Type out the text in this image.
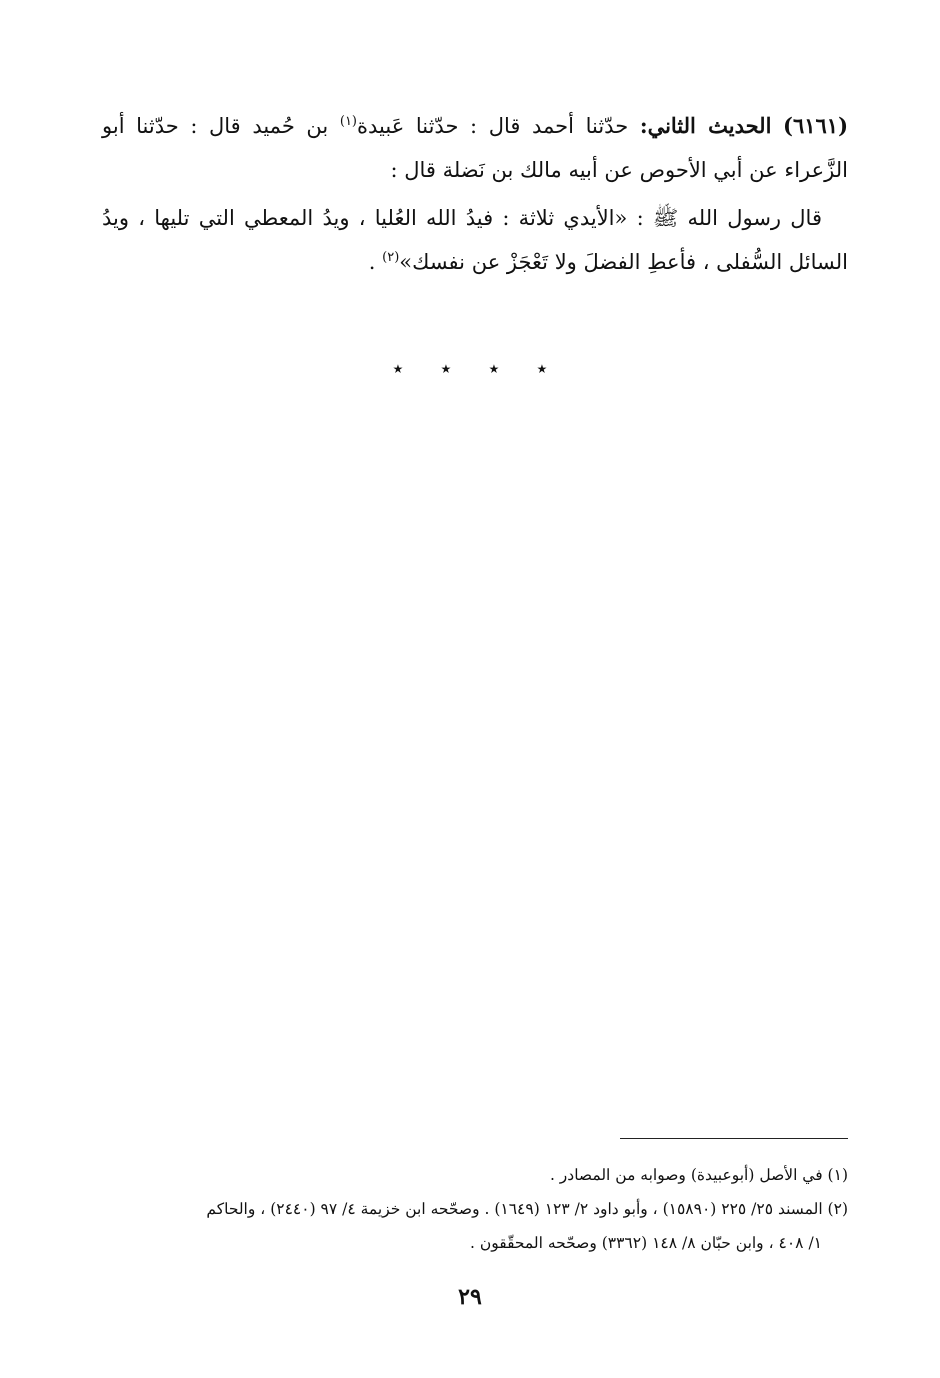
(٦١٦١) الحديث الثاني: حدّثنا أحمد قال : حدّثنا عَبيدة$^{(١)}$ بن حُميد قال : حدّثنا أبو الزَّعراء عن أبي الأحوص عن أبيه مالك بن نَضلة قال :

قال رسول الله ﷺ : «الأيدي ثلاثة : فيدُ الله العُليا ، ويدُ المعطي التي تليها ، ويدُ السائل السُّفلى ، فأعطِ الفضلَ ولا تَعْجَزْ عن نفسك»$^{(٢)}$ .

٭ ٭ ٭ ٭

(١) في الأصل (أبوعبيدة) وصوابه من المصادر .

(٢) المسند ٢٥/ ٢٢٥ (١٥٨٩٠) ، وأبو داود ٢/ ١٢٣ (١٦٤٩) . وصحّحه ابن خزيمة ٤/ ٩٧ (٢٤٤٠) ، والحاكم

١/ ٤٠٨ ، وابن حبّان ٨/ ١٤٨ (٣٣٦٢) وصحّحه المحقّقون .

٢٩
